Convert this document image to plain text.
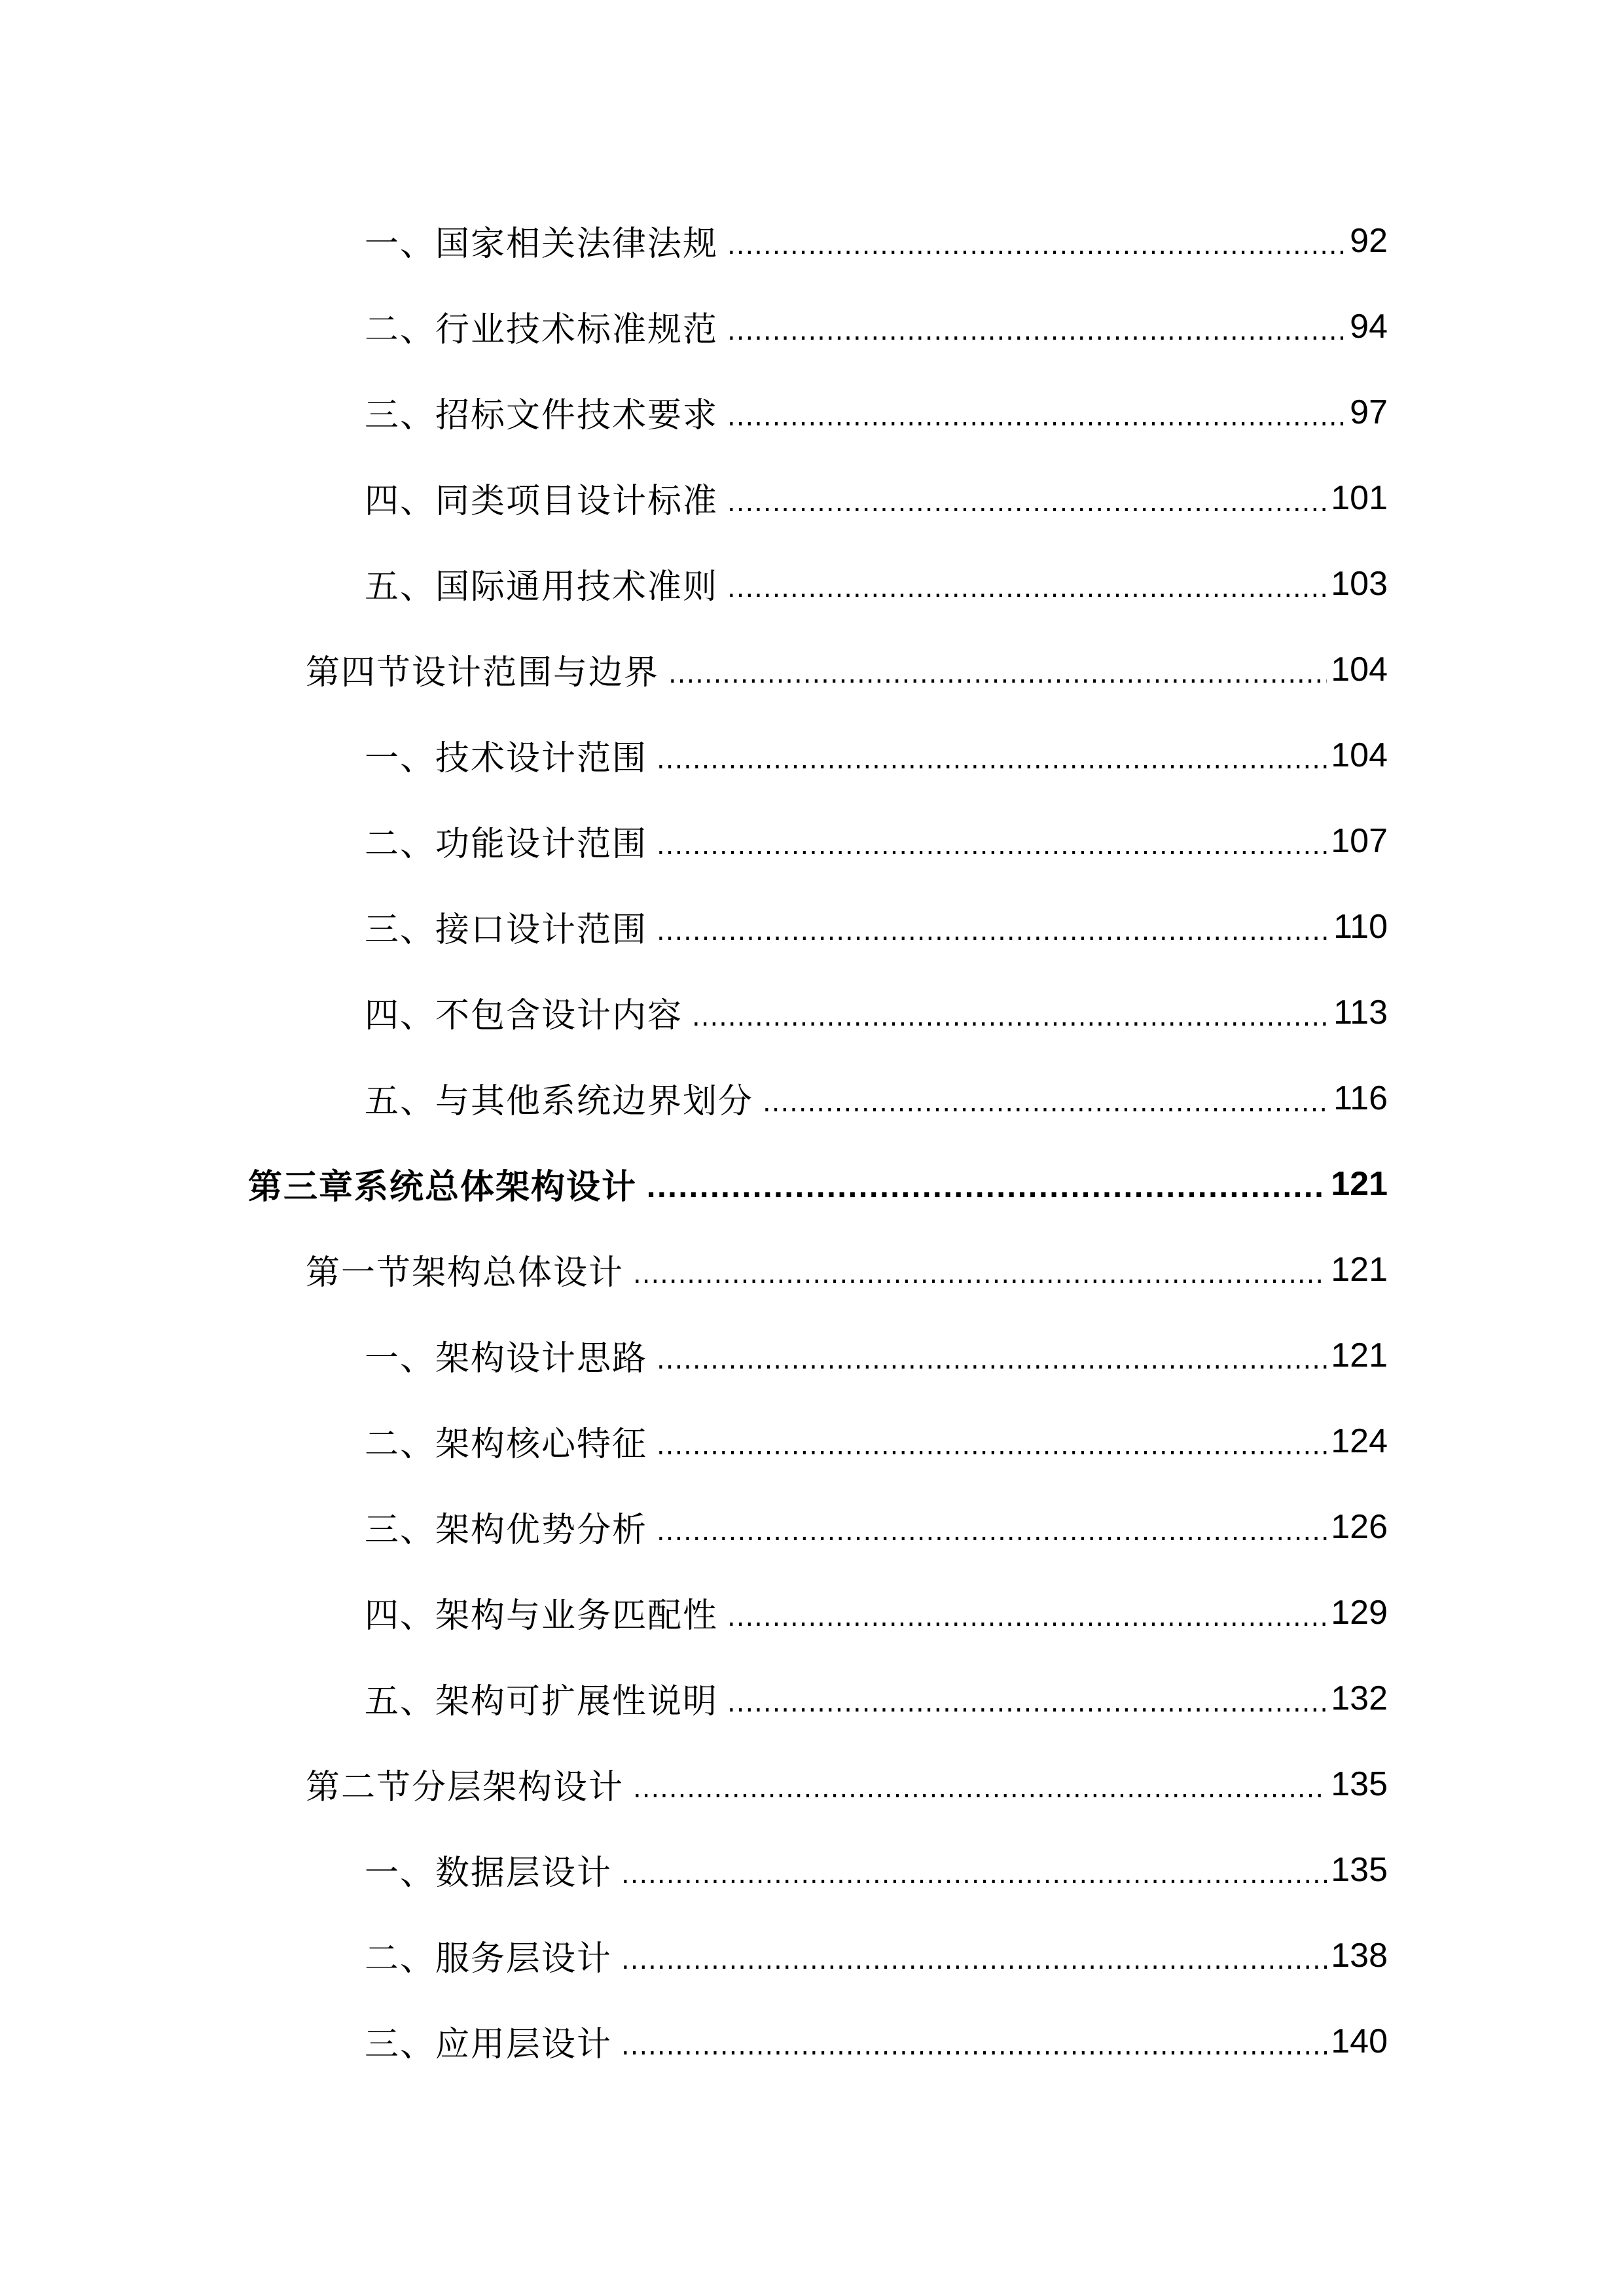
一、国家相关法律法规 .....	92
二、行业技术标准规范 .....	94
三、招标文件技术要求 .....	97
四、同类项目设计标准 .....	101
五、国际通用技术准则 .....	103
第四节设计范围与边界 .....	104
一、技术设计范围 .....	104
二、功能设计范围 .....	107
三、接口设计范围 .....	110
四、不包含设计内容 .....	113
五、与其他系统边界划分 .....	116
第三章系统总体架构设计 .....	121
第一节架构总体设计 .....	121
一、架构设计思路 .....	121
二、架构核心特征 .....	124
三、架构优势分析 .....	126
四、架构与业务匹配性 .....	129
五、架构可扩展性说明 .....	132
第二节分层架构设计 .....	135
一、数据层设计 .....	135
二、服务层设计 .....	138
三、应用层设计 .....	140
